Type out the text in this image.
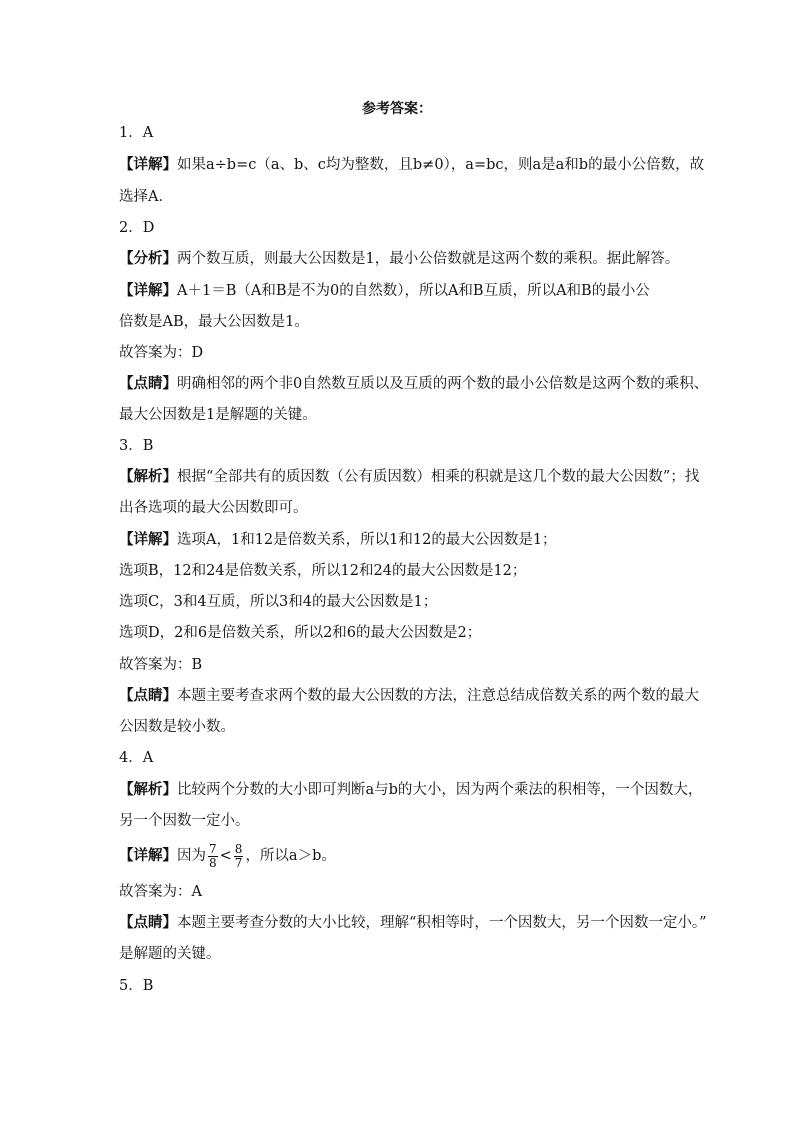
参考答案：
1．A
【详解】如果a÷b=c（a、b、c均为整数，且b≠0），a=bc，则a是a和b的最小公倍数，故
选择A．
2．D
【分析】两个数互质，则最大公因数是1，最小公倍数就是这两个数的乘积。据此解答。
【详解】A＋1＝B（A和B是不为0的自然数），所以A和B互质，所以A和B的最小公
倍数是AB，最大公因数是1。
故答案为：D
【点睛】明确相邻的两个非0自然数互质以及互质的两个数的最小公倍数是这两个数的乘积、
最大公因数是1是解题的关键。
3．B
【解析】根据“全部共有的质因数（公有质因数）相乘的积就是这几个数的最大公因数”；找
出各选项的最大公因数即可。
【详解】选项A，1和12是倍数关系，所以1和12的最大公因数是1；
选项B，12和24是倍数关系，所以12和24的最大公因数是12；
选项C，3和4互质，所以3和4的最大公因数是1；
选项D，2和6是倍数关系，所以2和6的最大公因数是2；
故答案为：B
【点睛】本题主要考查求两个数的最大公因数的方法，注意总结成倍数关系的两个数的最大
公因数是较小数。
4．A
【解析】比较两个分数的大小即可判断a与b的大小，因为两个乘法的积相等，一个因数大，
另一个因数一定小。
【详解】因为 $\frac{7}{8} < \frac{8}{7}$ ，所以a＞b。
故答案为：A
【点睛】本题主要考查分数的大小比较，理解“积相等时，一个因数大，另一个因数一定小。”
是解题的关键。
5．B
